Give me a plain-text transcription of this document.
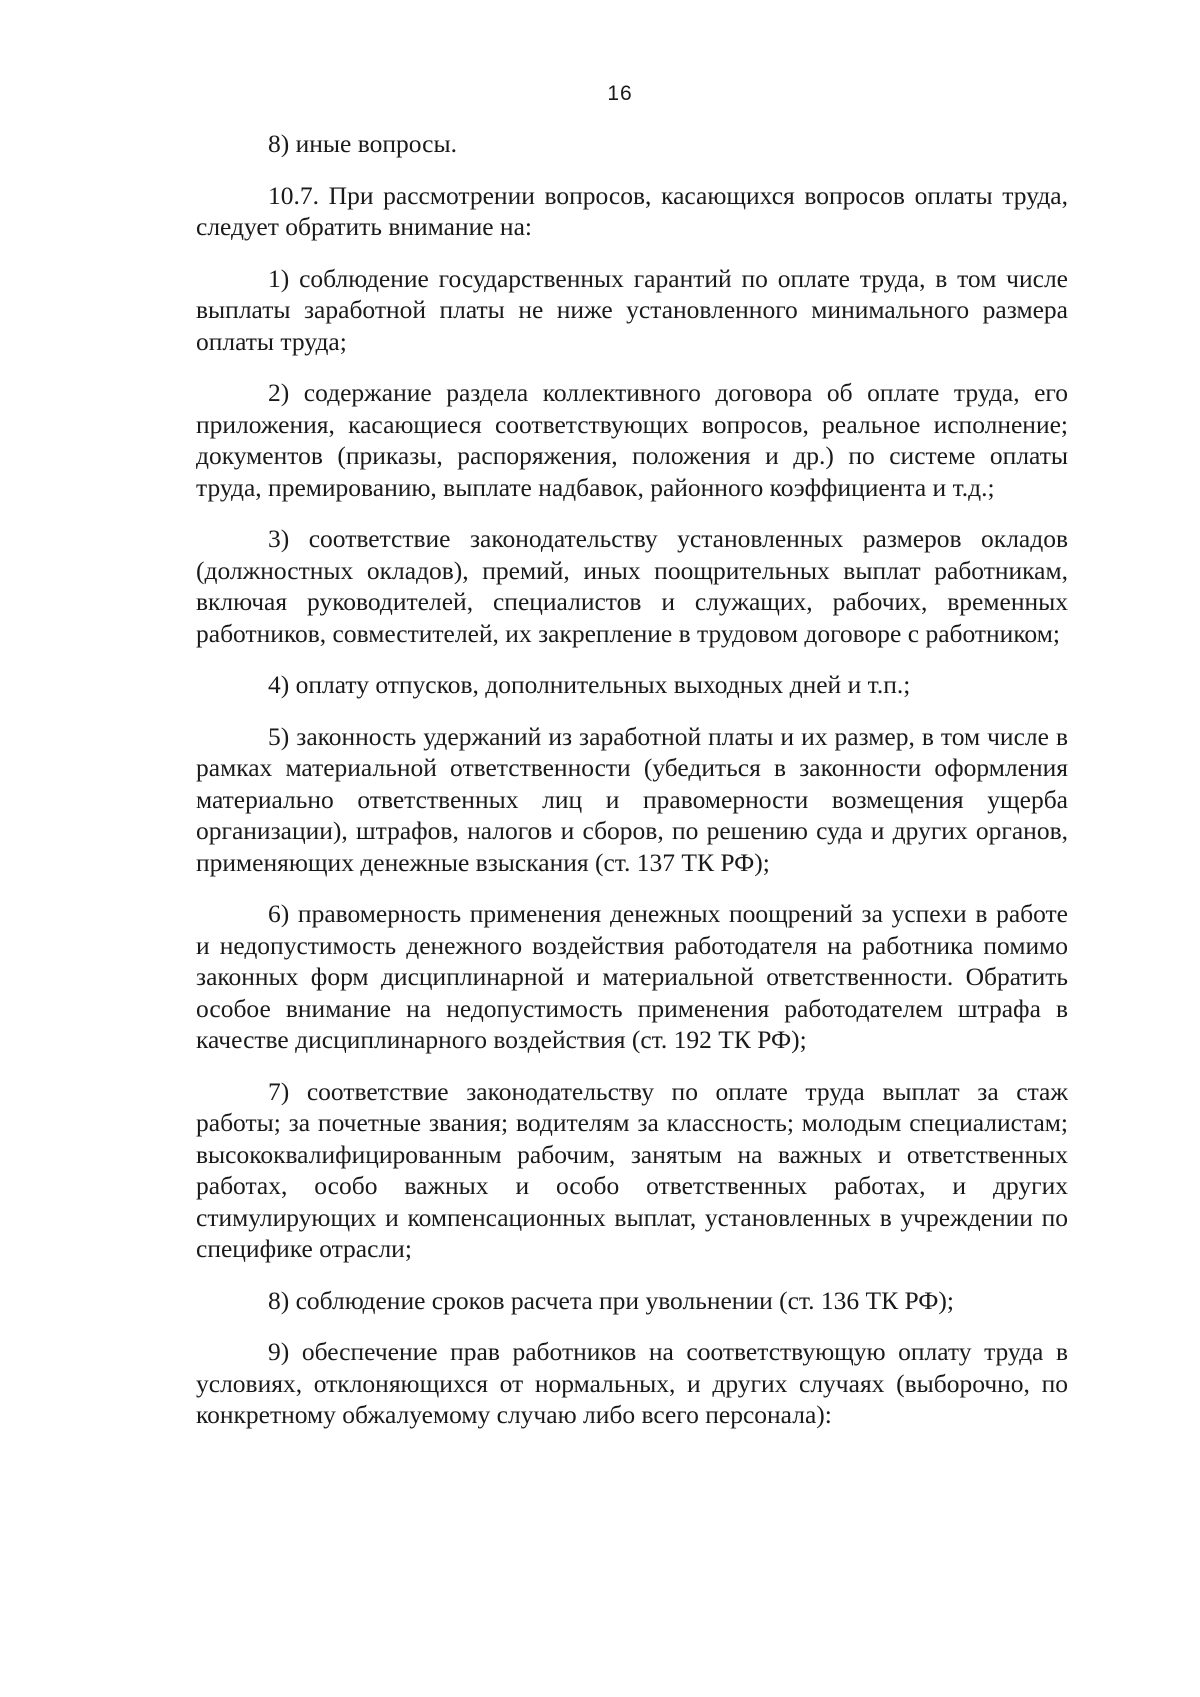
16

8) иные вопросы.

10.7. При рассмотрении вопросов, касающихся вопросов оплаты труда, следует обратить внимание на:

1) соблюдение государственных гарантий по оплате труда, в том числе выплаты заработной платы не ниже установленного минимального размера оплаты труда;

2) содержание раздела коллективного договора об оплате труда, его приложения, касающиеся соответствующих вопросов, реальное исполнение; документов (приказы, распоряжения, положения и др.) по системе оплаты труда, премированию, выплате надбавок, районного коэффициента и т.д.;

3) соответствие законодательству установленных размеров окладов (должностных окладов), премий, иных поощрительных выплат работникам, включая руководителей, специалистов и служащих, рабочих, временных работников, совместителей, их закрепление в трудовом договоре с работником;

4) оплату отпусков, дополнительных выходных дней и т.п.;

5) законность удержаний из заработной платы и их размер, в том числе в рамках материальной ответственности (убедиться в законности оформления материально ответственных лиц и правомерности возмещения ущерба организации), штрафов, налогов и сборов, по решению суда и других органов, применяющих денежные взыскания (ст. 137 ТК РФ);

6) правомерность применения денежных поощрений за успехи в работе и недопустимость денежного воздействия работодателя на работника помимо законных форм дисциплинарной и материальной ответственности. Обратить особое внимание на недопустимость применения работодателем штрафа в качестве дисциплинарного воздействия (ст. 192 ТК РФ);

7) соответствие законодательству по оплате труда выплат за стаж работы; за почетные звания; водителям за классность; молодым специалистам; высококвалифицированным рабочим, занятым на важных и ответственных работах, особо важных и особо ответственных работах, и других стимулирующих и компенсационных выплат, установленных в учреждении по специфике отрасли;

8) соблюдение сроков расчета при увольнении (ст. 136 ТК РФ);

9) обеспечение прав работников на соответствующую оплату труда в условиях, отклоняющихся от нормальных, и других случаях (выборочно, по конкретному обжалуемому случаю либо всего персонала):
